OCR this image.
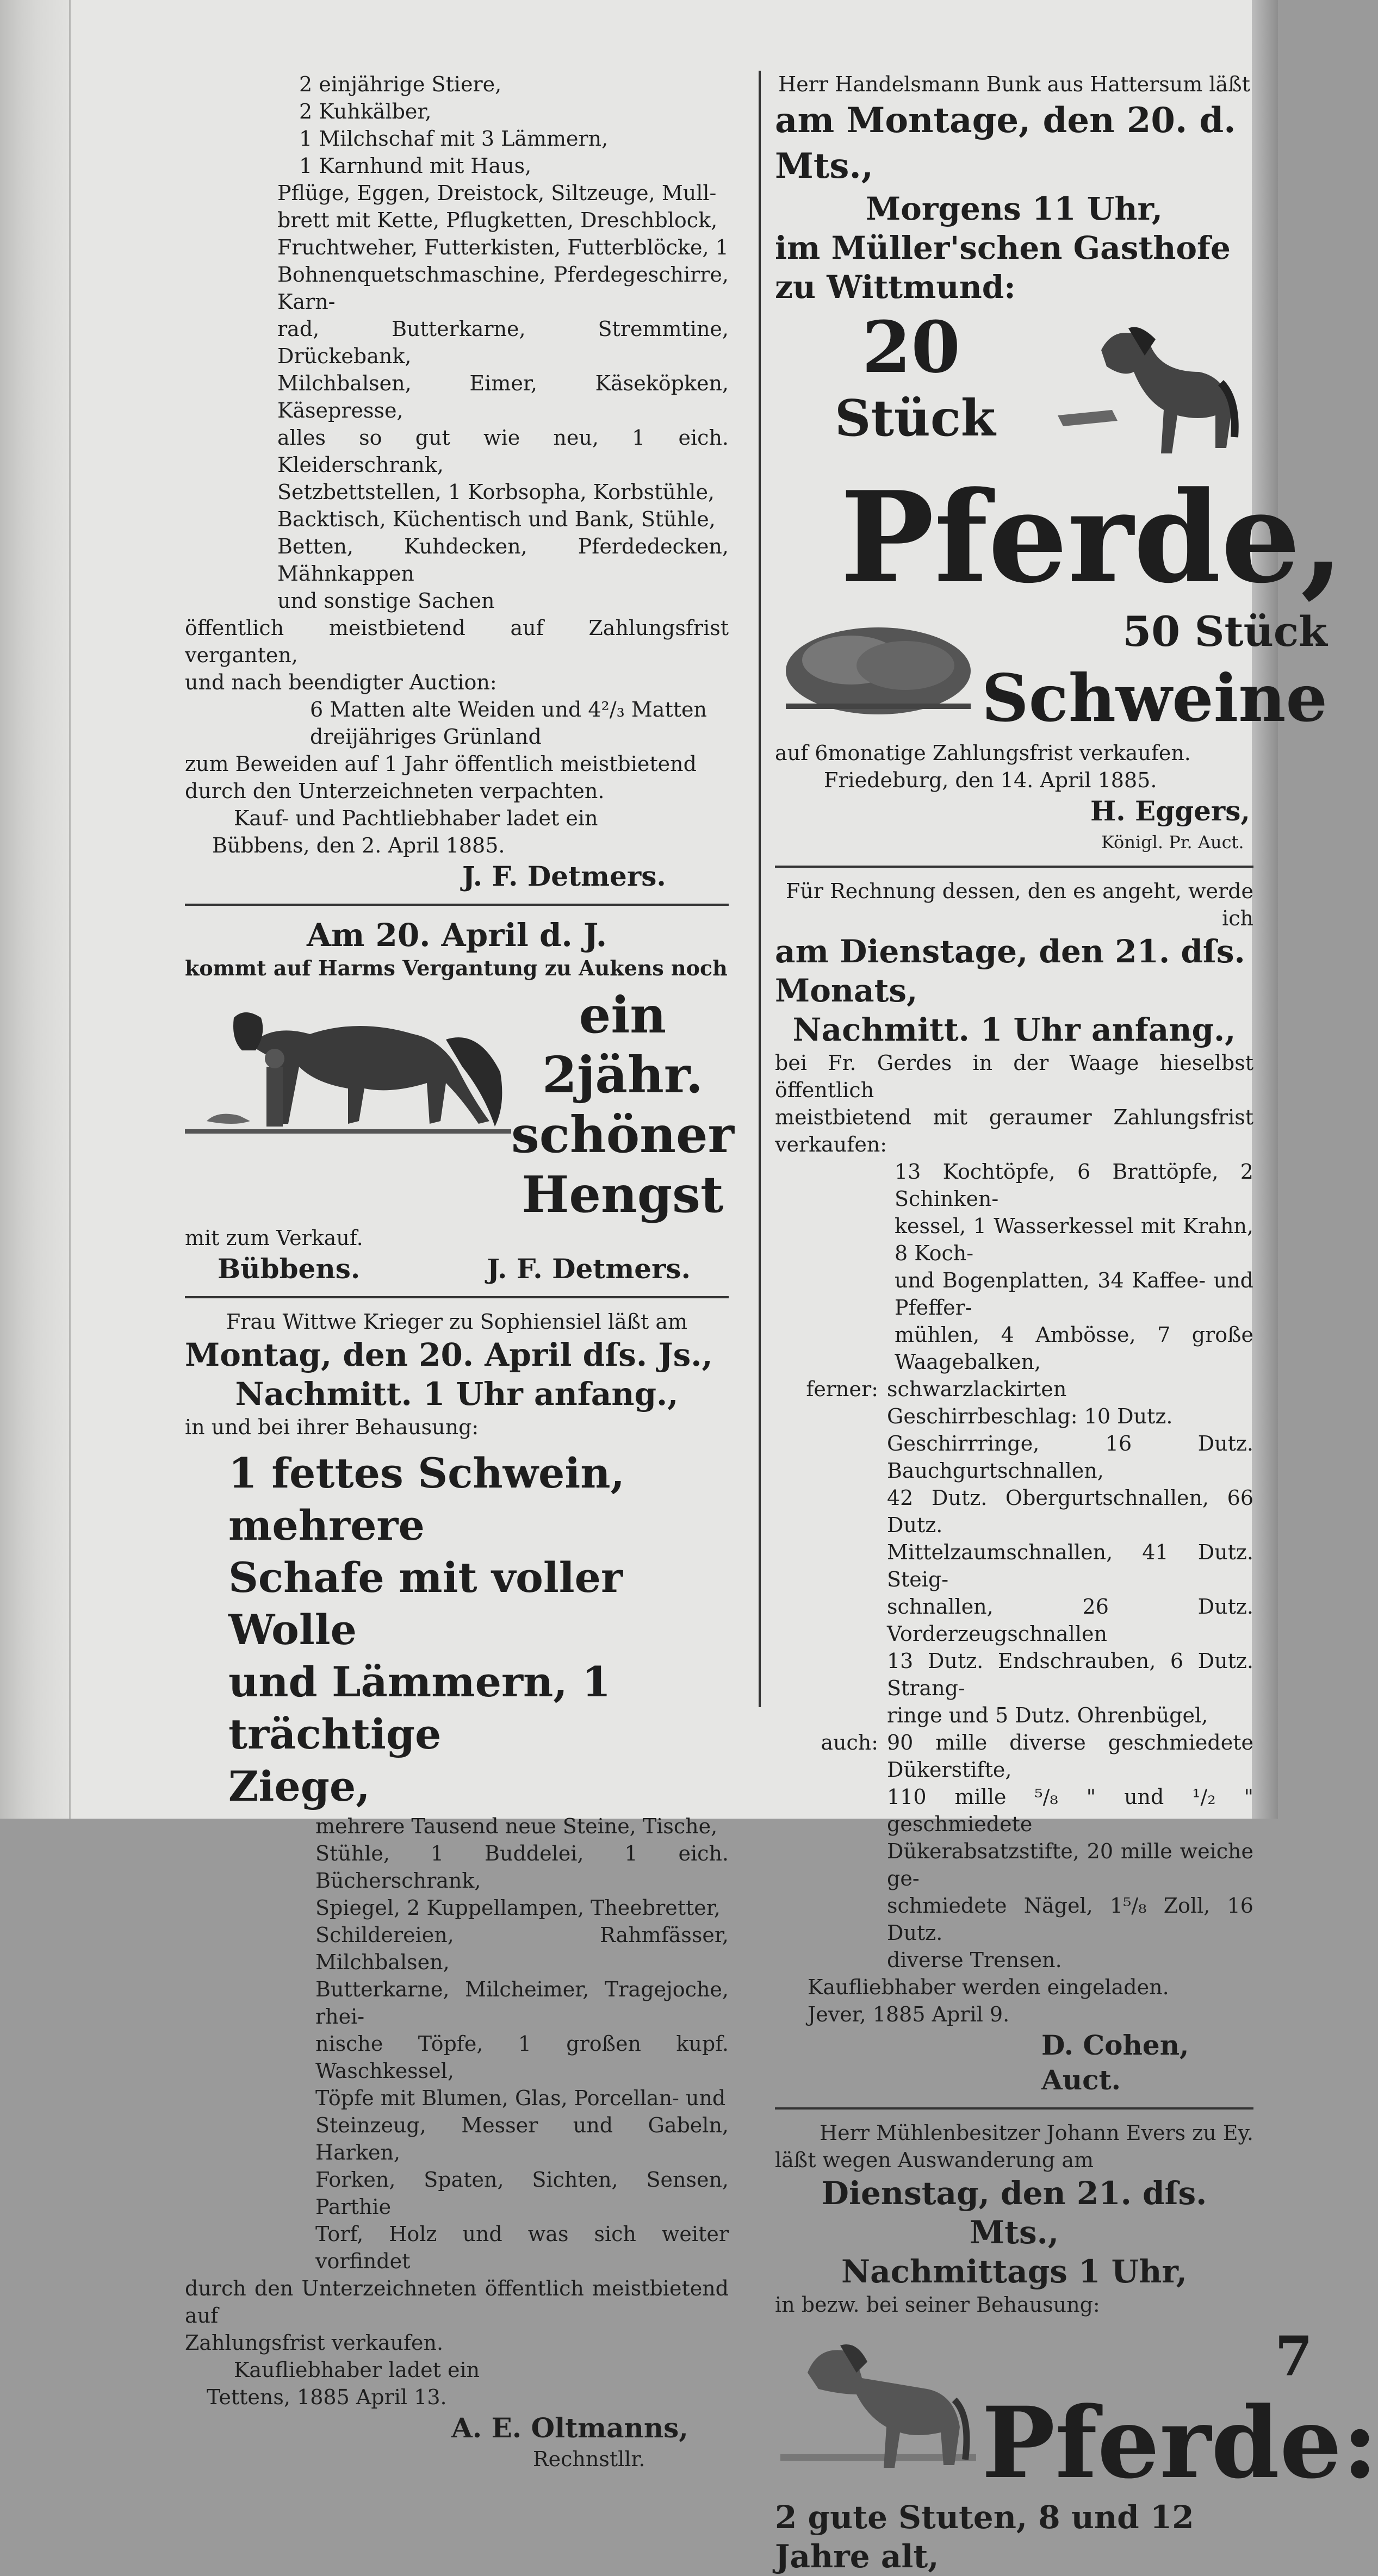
2 einjährige Stiere,

2 Kuhkälber,

1 Milchschaf mit 3 Lämmern,

1 Karnhund mit Haus,

Pflüge, Eggen, Dreistock, Siltzeuge, Mull-

brett mit Kette, Pflugketten, Dreschblock,

Fruchtweher, Futterkisten, Futterblöcke, 1

Bohnenquetschmaschine, Pferdegeschirre, Karn-

rad, Butterkarne, Stremmtine, Drückebank,

Milchbalsen, Eimer, Käseköpken, Käsepresse,

alles so gut wie neu, 1 eich. Kleiderschrank,

Setzbettstellen, 1 Korbsopha, Korbstühle,

Backtisch, Küchentisch und Bank, Stühle,

Betten, Kuhdecken, Pferdedecken, Mähnkappen

und sonstige Sachen

öffentlich meistbietend auf Zahlungsfrist verganten,

und nach beendigter Auction:

6 Matten alte Weiden und 4²/₃ Matten

dreijähriges Grünland

zum Beweiden auf 1 Jahr öffentlich meistbietend

durch den Unterzeichneten verpachten.

Kauf- und Pachtliebhaber ladet ein

Bübbens, den 2. April 1885.

J. F. Detmers.

Am 20. April d. J.

kommt auf Harms Vergantung zu Aukens noch

ein 2jähr.

schöner

Hengst

mit zum Verkauf.

Bübbens.	J. F. Detmers.

Frau Wittwe Krieger zu Sophiensiel läßt am

Montag, den 20. April dſs. Js.,

Nachmitt. 1 Uhr anfang.,

in und bei ihrer Behausung:

1 fettes Schwein, mehrere

Schafe mit voller Wolle

und Lämmern, 1 trächtige

Ziege,

mehrere Tausend neue Steine, Tische,

Stühle, 1 Buddelei, 1 eich. Bücherschrank,

Spiegel, 2 Kuppellampen, Theebretter,

Schildereien, Rahmfässer, Milchbalsen,

Butterkarne, Milcheimer, Tragejoche, rhei-

nische Töpfe, 1 großen kupf. Waschkessel,

Töpfe mit Blumen, Glas, Porcellan- und

Steinzeug, Messer und Gabeln, Harken,

Forken, Spaten, Sichten, Sensen, Parthie

Torf, Holz und was sich weiter vorfindet

durch den Unterzeichneten öffentlich meistbietend auf

Zahlungsfrist verkaufen.

Kaufliebhaber ladet ein

Tettens, 1885 April 13.

A. E. Oltmanns,

Rechnstllr.

Herr Handelsmann Bunk aus Hattersum läßt

am Montage, den 20. d. Mts.,

Morgens 11 Uhr,

im Müller'schen Gasthofe zu Wittmund:

20

Stück

Pferde,

50 Stück

Schweine

auf 6monatige Zahlungsfrist verkaufen.

Friedeburg, den 14. April 1885.

H. Eggers,

Königl. Pr. Auct.

Für Rechnung dessen, den es angeht, werde ich

am Dienstage, den 21. dſs. Monats,

Nachmitt. 1 Uhr anfang.,

bei Fr. Gerdes in der Waage hieselbst öffentlich

meistbietend mit geraumer Zahlungsfrist verkaufen:

13 Kochtöpfe, 6 Brattöpfe, 2 Schinken-

kessel, 1 Wasserkessel mit Krahn, 8 Koch-

und Bogenplatten, 34 Kaffee- und Pfeffer-

mühlen, 4 Ambösse, 7 große Waagebalken,

ferner: schwarzlackirten Geschirrbeschlag: 10 Dutz.

Geschirrringe, 16 Dutz. Bauchgurtschnallen,

42 Dutz. Obergurtschnallen, 66 Dutz.

Mittelzaumschnallen, 41 Dutz. Steig-

schnallen, 26 Dutz. Vorderzeugschnallen

13 Dutz. Endschrauben, 6 Dutz. Strang-

ringe und 5 Dutz. Ohrenbügel,

auch: 90 mille diverse geschmiedete Dükerstifte,

110 mille ⁵/₈ " und ¹/₂ " geschmiedete

Dükerabsatzstifte, 20 mille weiche ge-

schmiedete Nägel, 1⁵/₈ Zoll, 16 Dutz.

diverse Trensen.

Kaufliebhaber werden eingeladen.

Jever, 1885 April 9.

D. Cohen, Auct.

Herr Mühlenbesitzer Johann Evers zu Ey.

läßt wegen Auswanderung am

Dienstag, den 21. dſs. Mts.,

Nachmittags 1 Uhr,

in bezw. bei seiner Behausung:

7

Pferde:

2 gute Stuten, 8 und 12 Jahre alt,
